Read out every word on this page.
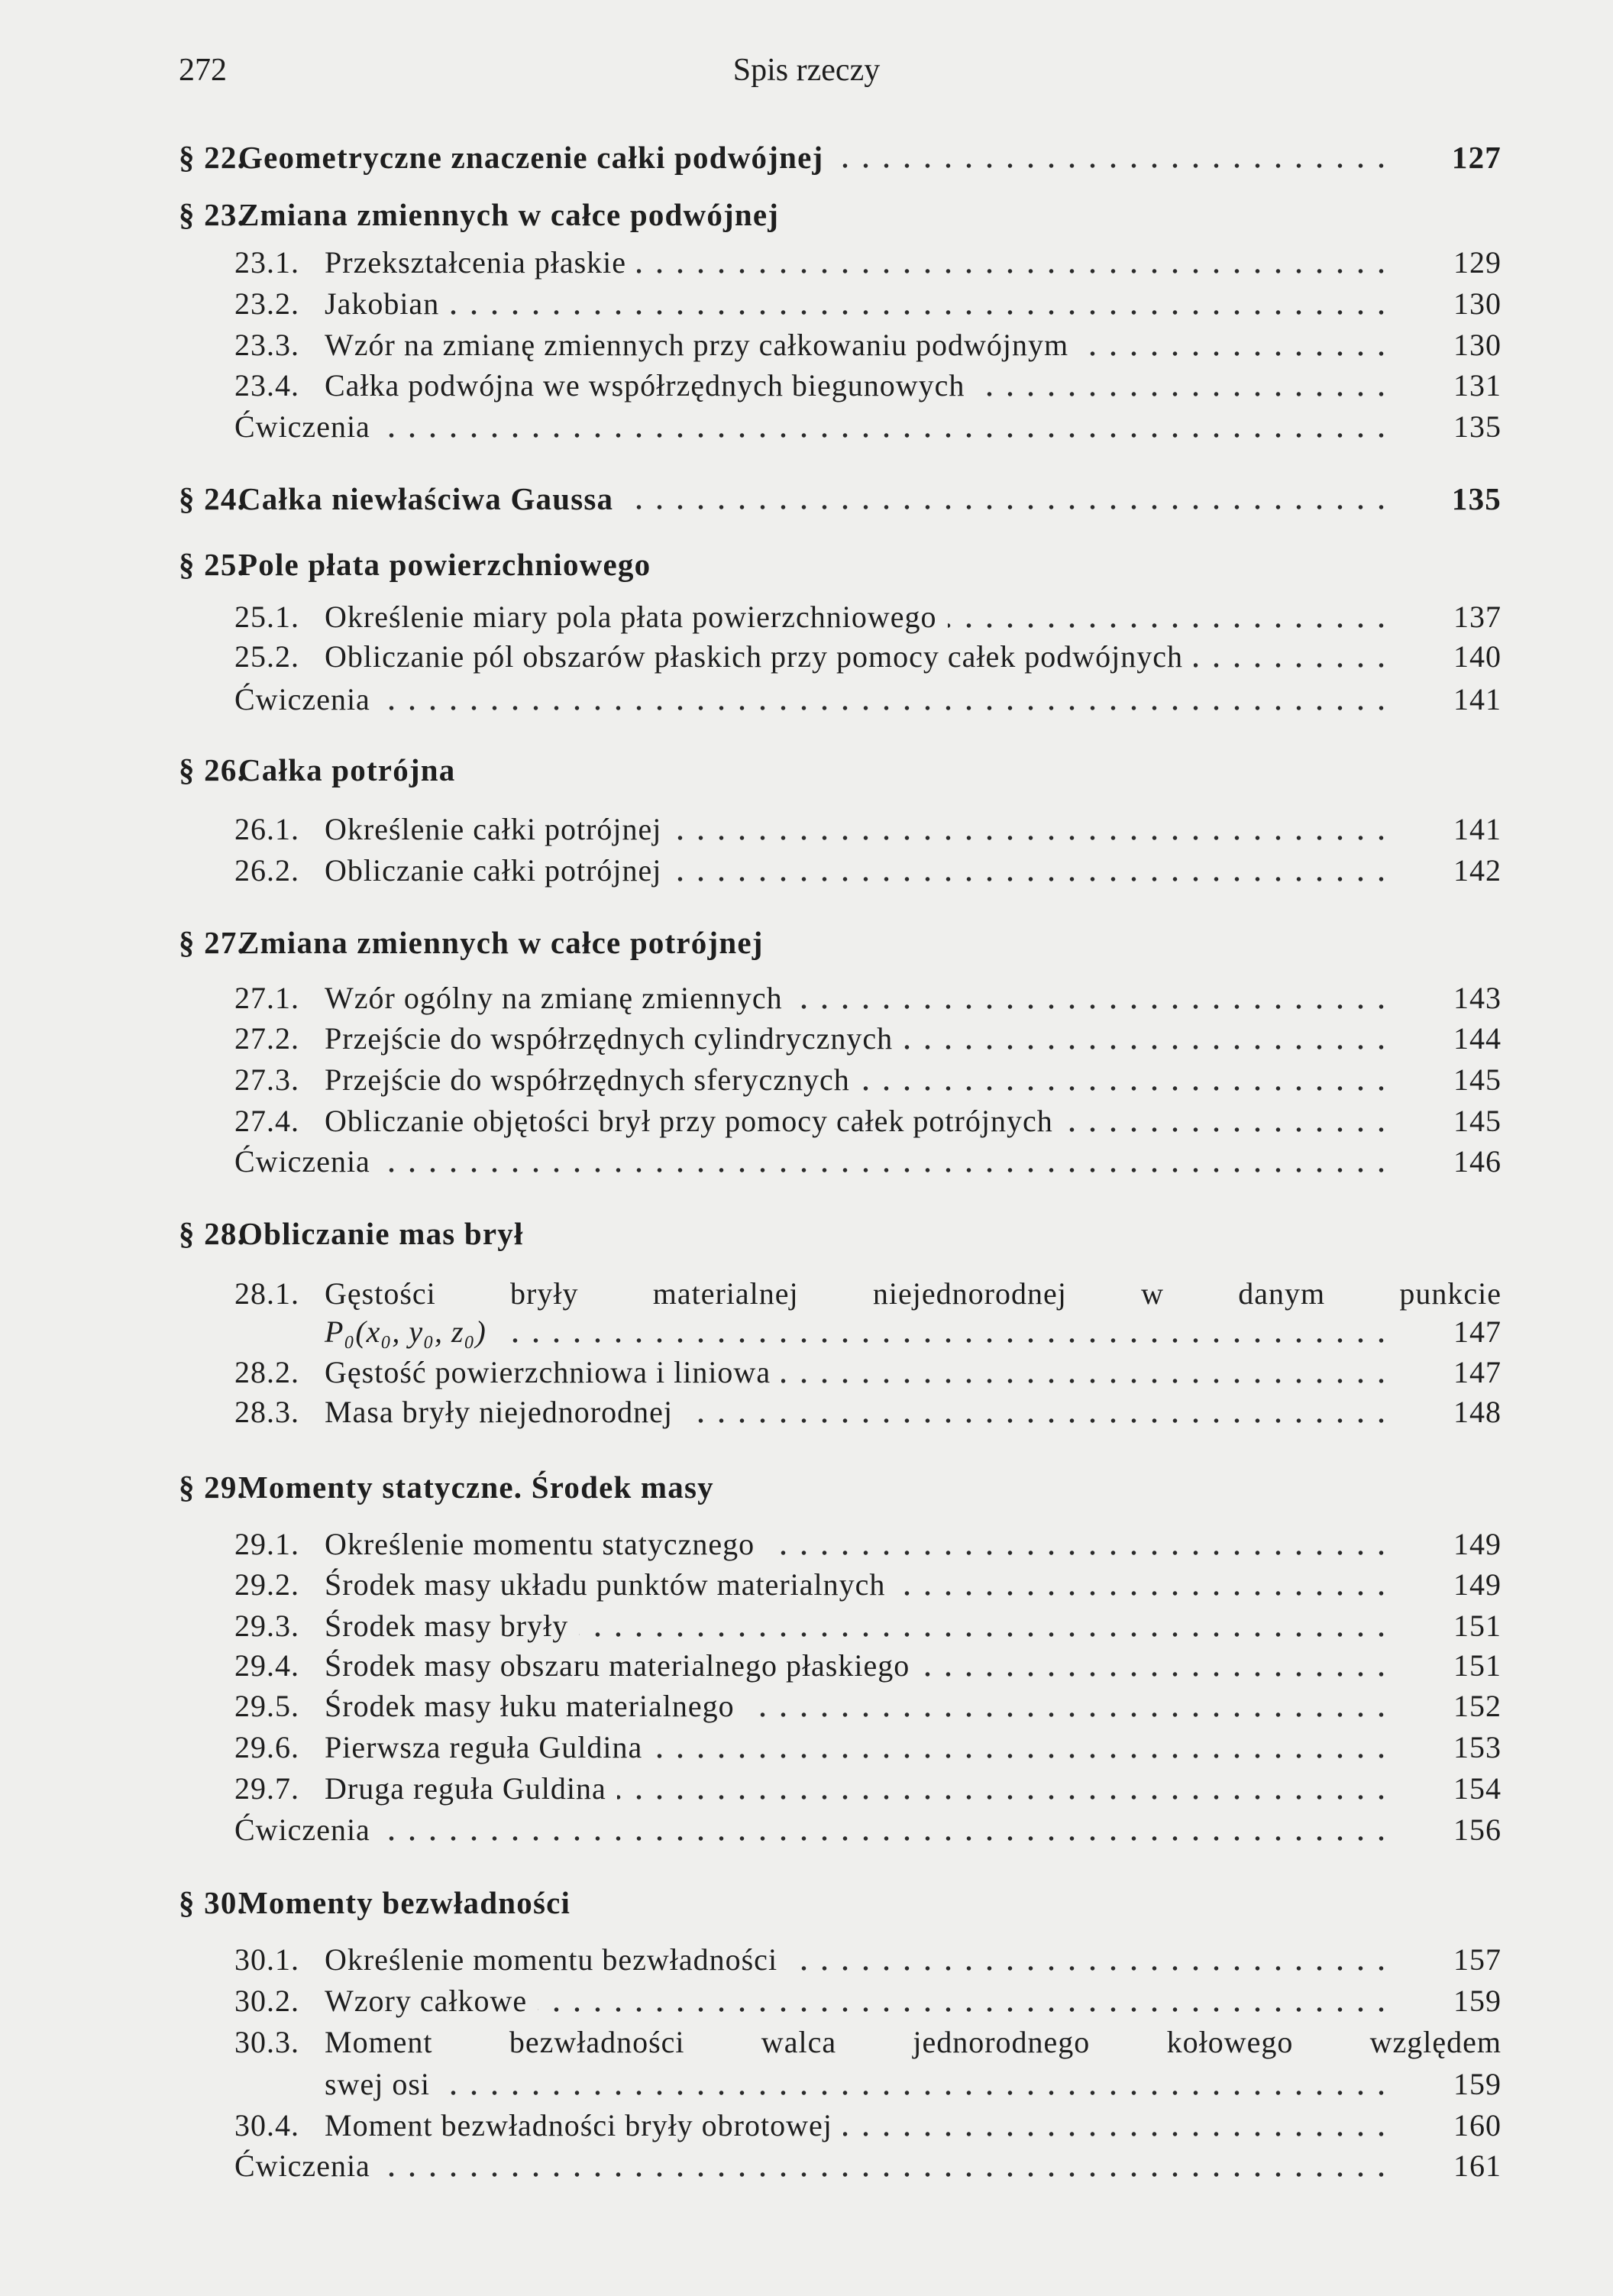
272	Spis rzeczy
§ 22.
Geometryczne znaczenie całki podwójnej	127
§ 23.
Zmiana zmiennych w całce podwójnej
23.1. Przekształcenia płaskie	129
23.2. Jakobian	130
23.3. Wzór na zmianę zmiennych przy całkowaniu podwójnym	130
23.4. Całka podwójna we współrzędnych biegunowych	131
Ćwiczenia	135
§ 24.
Całka niewłaściwa Gaussa	135
§ 25.
Pole płata powierzchniowego
25.1. Określenie miary pola płata powierzchniowego	137
25.2. Obliczanie pól obszarów płaskich przy pomocy całek podwójnych	140
Ćwiczenia	141
§ 26.
Całka potrójna
26.1. Określenie całki potrójnej	141
26.2. Obliczanie całki potrójnej	142
§ 27.
Zmiana zmiennych w całce potrójnej
27.1. Wzór ogólny na zmianę zmiennych	143
27.2. Przejście do współrzędnych cylindrycznych	144
27.3. Przejście do współrzędnych sferycznych	145
27.4. Obliczanie objętości brył przy pomocy całek potrójnych	145
Ćwiczenia	146
§ 28.
Obliczanie mas brył
28.1. Gęstości bryły materialnej niejednorodnej w danym punkcie
P₀(x₀, y₀, z₀)	147
28.2. Gęstość powierzchniowa i liniowa	147
28.3. Masa bryły niejednorodnej	148
§ 29.
Momenty statyczne. Środek masy
29.1. Określenie momentu statycznego	149
29.2. Środek masy układu punktów materialnych	149
29.3. Środek masy bryły	151
29.4. Środek masy obszaru materialnego płaskiego	151
29.5. Środek masy łuku materialnego	152
29.6. Pierwsza reguła Guldina	153
29.7. Druga reguła Guldina	154
Ćwiczenia	156
§ 30.
Momenty bezwładności
30.1. Określenie momentu bezwładności	157
30.2. Wzory całkowe	159
30.3. Moment bezwładności walca jednorodnego kołowego względem
swej osi	159
30.4. Moment bezwładności bryły obrotowej	160
Ćwiczenia	161
